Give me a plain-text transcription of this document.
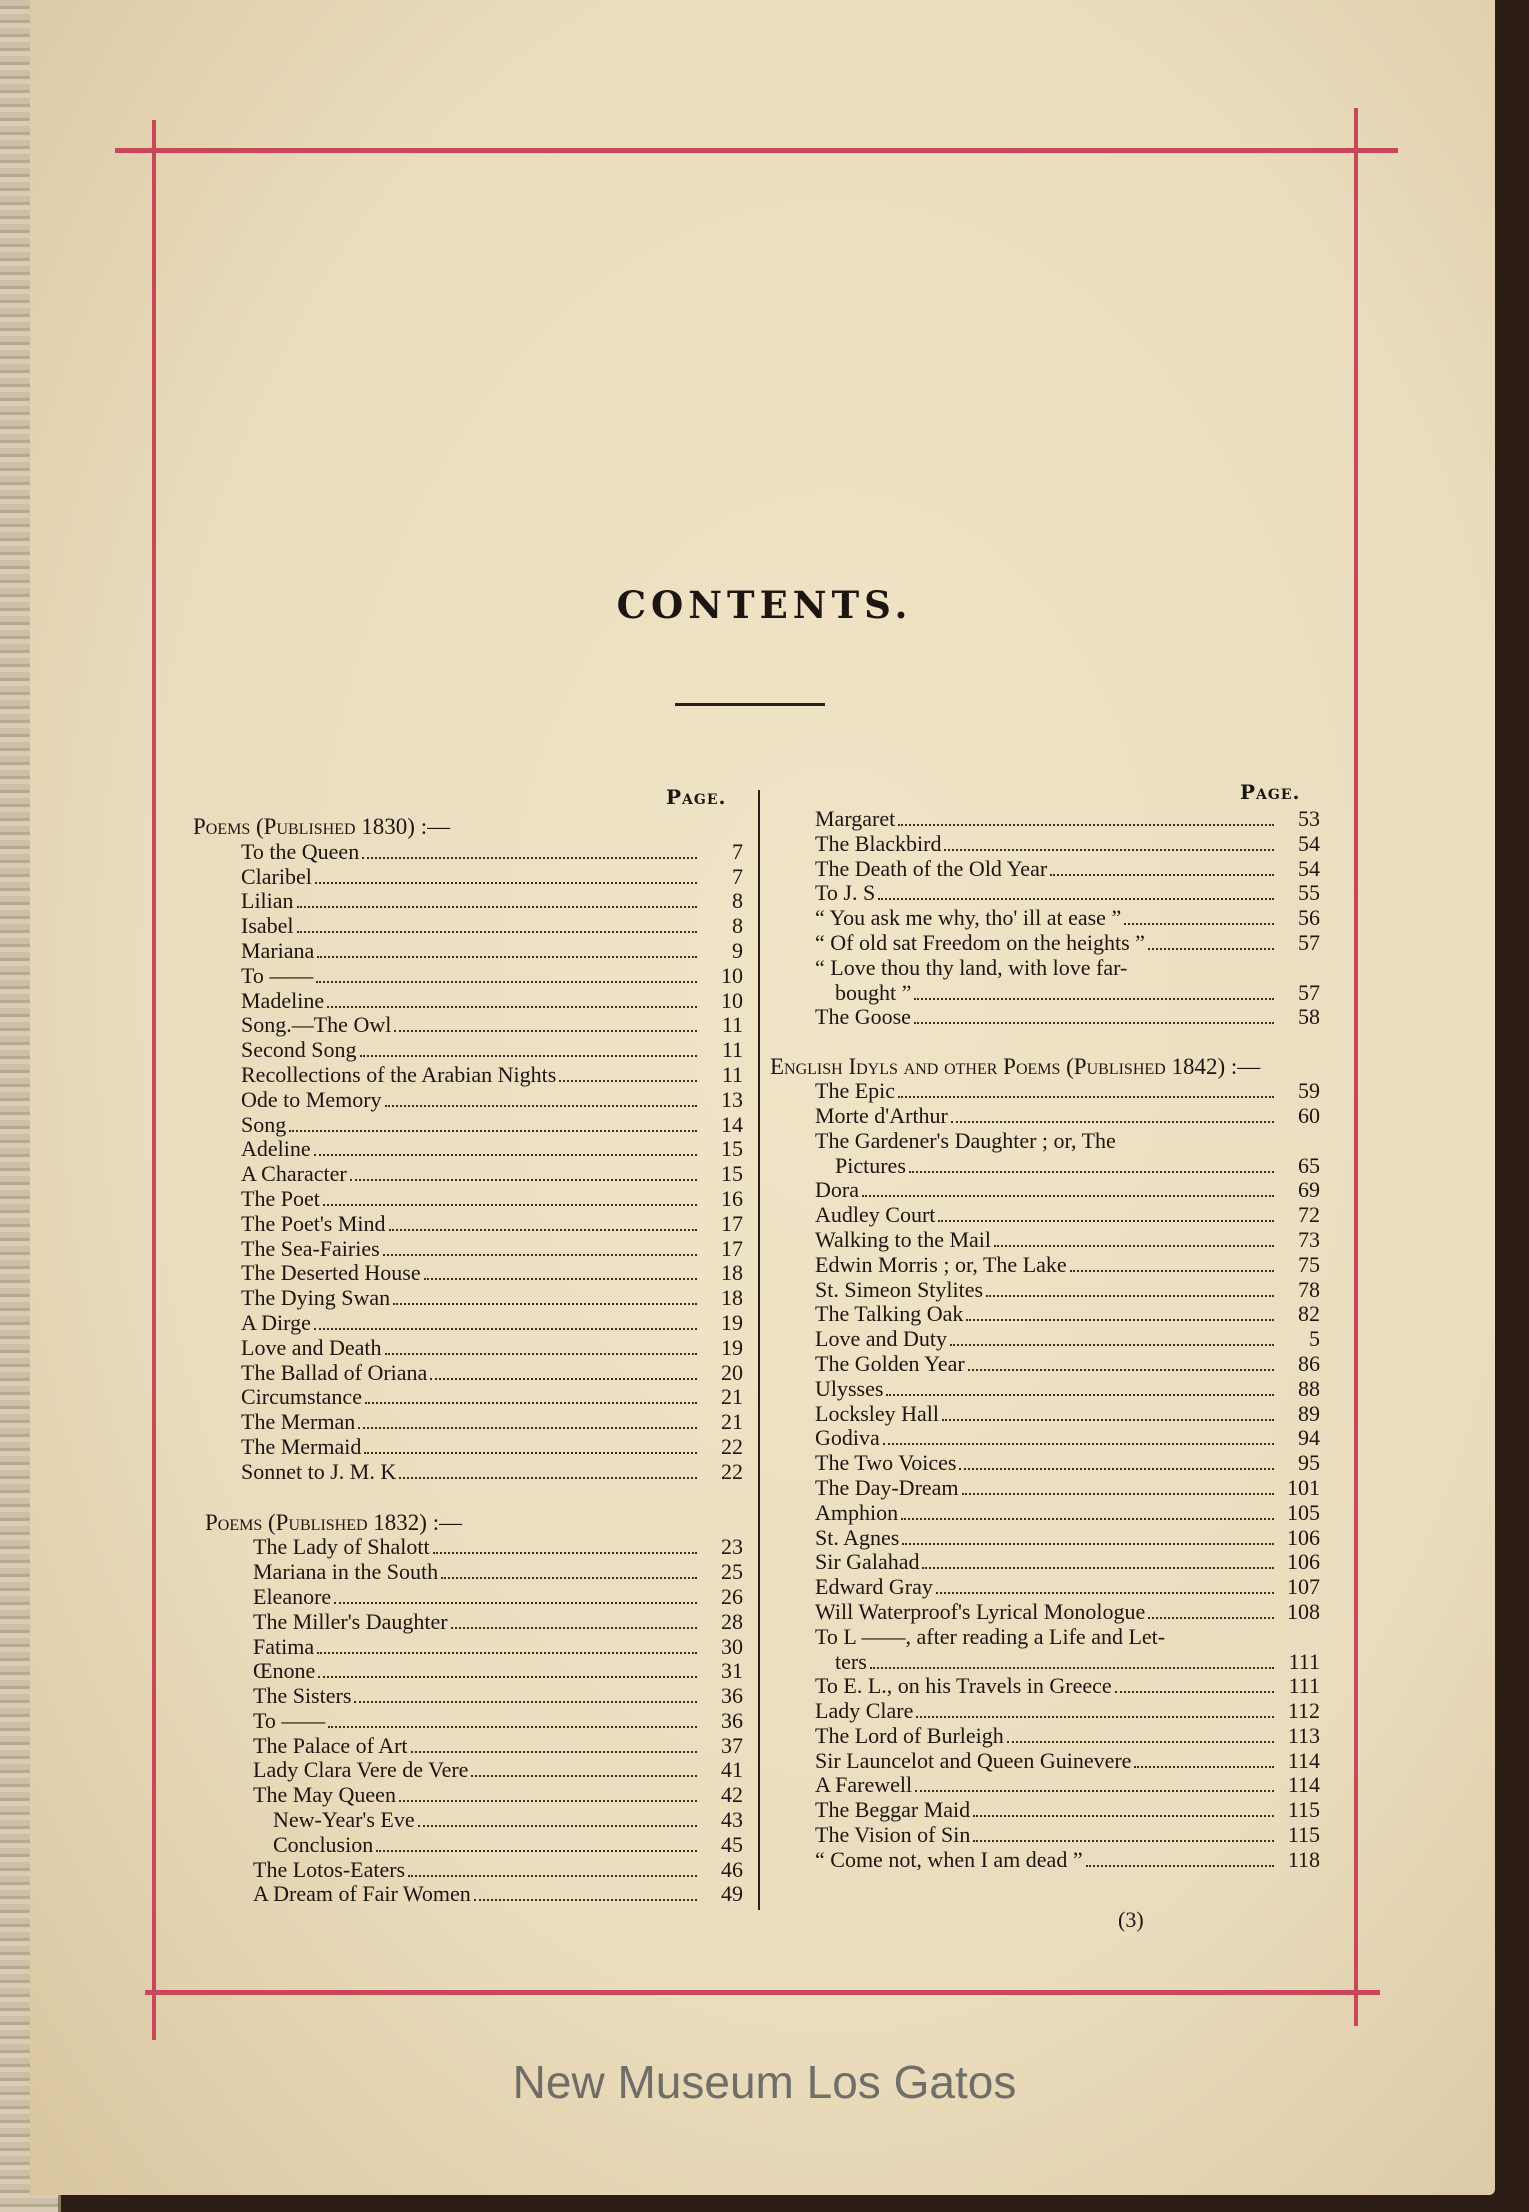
CONTENTS.
Page.	Page.
Poems (Published 1830) :—
To the Queen	7
Claribel	7
Lilian	8
Isabel	8
Mariana	9
To ——	10
Madeline	10
Song.—The Owl	11
Second Song	11
Recollections of the Arabian Nights	11
Ode to Memory	13
Song	14
Adeline	15
A Character	15
The Poet	16
The Poet's Mind	17
The Sea-Fairies	17
The Deserted House	18
The Dying Swan	18
A Dirge	19
Love and Death	19
The Ballad of Oriana	20
Circumstance	21
The Merman	21
The Mermaid	22
Sonnet to J. M. K	22
Poems (Published 1832) :—
The Lady of Shalott	23
Mariana in the South	25
Eleanore	26
The Miller's Daughter	28
Fatima	30
Œnone	31
The Sisters	36
To ——	36
The Palace of Art	37
Lady Clara Vere de Vere	41
The May Queen	42
New-Year's Eve	43
Conclusion	45
The Lotos-Eaters	46
A Dream of Fair Women	49
Margaret	53
The Blackbird	54
The Death of the Old Year	54
To J. S	55
“ You ask me why, tho' ill at ease ”	56
“ Of old sat Freedom on the heights ”	57
“ Love thou thy land, with love far-
bought ”	57
The Goose	58
English Idyls and other Poems (Published 1842) :—
The Epic	59
Morte d'Arthur	60
The Gardener's Daughter ; or, The
Pictures	65
Dora	69
Audley Court	72
Walking to the Mail	73
Edwin Morris ; or, The Lake	75
St. Simeon Stylites	78
The Talking Oak	82
Love and Duty	5
The Golden Year	86
Ulysses	88
Locksley Hall	89
Godiva	94
The Two Voices	95
The Day-Dream	101
Amphion	105
St. Agnes	106
Sir Galahad	106
Edward Gray	107
Will Waterproof's Lyrical Monologue	108
To L ——, after reading a Life and Let-
ters	111
To E. L., on his Travels in Greece	111
Lady Clare	112
The Lord of Burleigh	113
Sir Launcelot and Queen Guinevere	114
A Farewell	114
The Beggar Maid	115
The Vision of Sin	115
“ Come not, when I am dead ”	118
(3)
New Museum Los Gatos
